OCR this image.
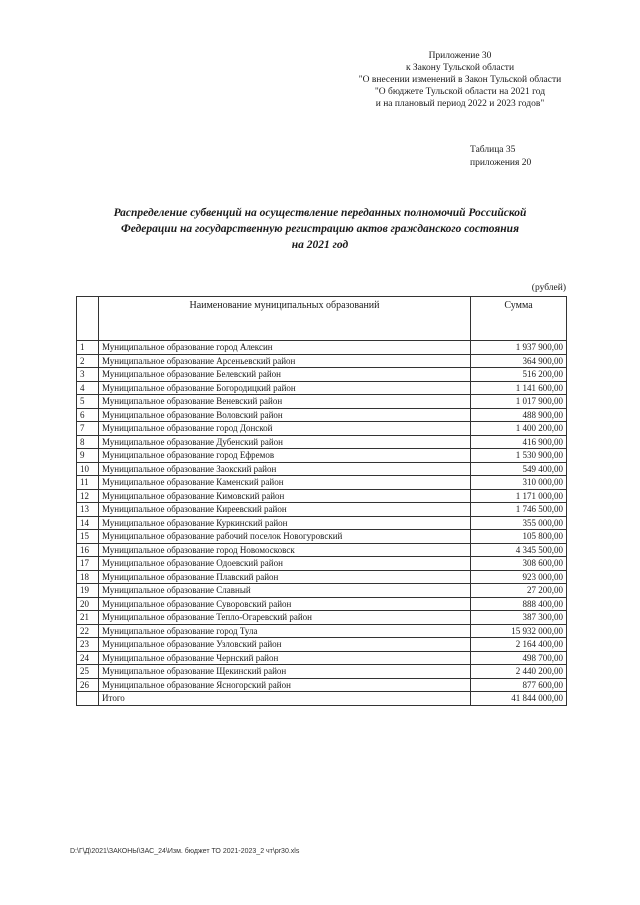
Приложение 30
к Закону Тульской области
"О внесении изменений в Закон Тульской области
"О бюджете Тульской области на 2021 год
и на плановый период 2022 и 2023 годов"
Таблица 35
приложения 20
Распределение субвенций на осуществление переданных полномочий Российской
Федерации на государственную регистрацию актов гражданского состояния
на 2021 год
(рублей)
	Наименование муниципальных образований	Сумма
1	Муниципальное образование город Алексин	1 937 900,00
2	Муниципальное образование Арсеньевский район	364 900,00
3	Муниципальное образование Белевский район	516 200,00
4	Муниципальное образование Богородицкий район	1 141 600,00
5	Муниципальное образование Веневский район	1 017 900,00
6	Муниципальное образование Воловский район	488 900,00
7	Муниципальное образование город Донской	1 400 200,00
8	Муниципальное образование Дубенский район	416 900,00
9	Муниципальное образование город Ефремов	1 530 900,00
10	Муниципальное образование Заокский район	549 400,00
11	Муниципальное образование Каменский район	310 000,00
12	Муниципальное образование Кимовский район	1 171 000,00
13	Муниципальное образование Киреевский район	1 746 500,00
14	Муниципальное образование Куркинский район	355 000,00
15	Муниципальное образование рабочий поселок Новогуровский	105 800,00
16	Муниципальное образование город Новомосковск	4 345 500,00
17	Муниципальное образование Одоевский район	308 600,00
18	Муниципальное образование Плавский район	923 000,00
19	Муниципальное образование Славный	27 200,00
20	Муниципальное образование Суворовский район	888 400,00
21	Муниципальное образование Тепло-Огаревский район	387 300,00
22	Муниципальное образование город Тула	15 932 000,00
23	Муниципальное образование Узловский район	2 164 400,00
24	Муниципальное образование Чернский район	498 700,00
25	Муниципальное образование Щекинский район	2 440 200,00
26	Муниципальное образование Ясногорский район	877 600,00
	Итого	41 844 000,00
D:\Г\Д\2021\ЗАКОНЫ\ЗАС_24\Изм. бюджет ТО 2021-2023_2 чт\pr30.xls
